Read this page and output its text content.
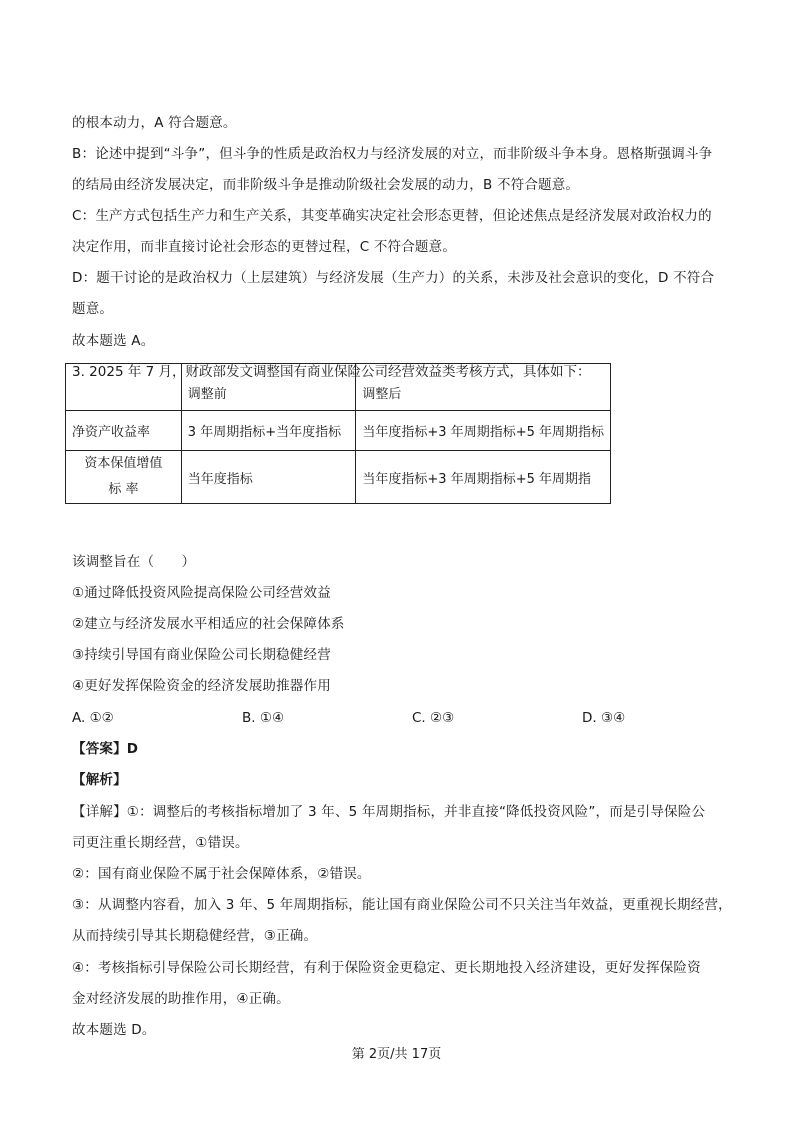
的根本动力，A 符合题意。
B：论述中提到“斗争”，但斗争的性质是政治权力与经济发展的对立，而非阶级斗争本身。恩格斯强调斗争
的结局由经济发展决定，而非阶级斗争是推动阶级社会发展的动力，B 不符合题意。
C：生产方式包括生产力和生产关系，其变革确实决定社会形态更替，但论述焦点是经济发展对政治权力的
决定作用，而非直接讨论社会形态的更替过程，C 不符合题意。
D：题干讨论的是政治权力（上层建筑）与经济发展（生产力）的关系，未涉及社会意识的变化，D 不符合
题意。
故本题选 A。
	调整前	调整后
净资产收益率	3 年周期指标+当年度指标	当年度指标+3 年周期指标+5 年周期指标
资本保值增值
标 率	当年度指标	当年度指标+3 年周期指标+5 年周期指
3. 2025 年 7 月，财政部发文调整国有商业保险公司经营效益类考核方式，具体如下：
该调整旨在（　　）
①通过降低投资风险提高保险公司经营效益
②建立与经济发展水平相适应的社会保障体系
③持续引导国有商业保险公司长期稳健经营
④更好发挥保险资金的经济发展助推器作用
A. ①②	B. ①④	C. ②③	D. ③④
【答案】D
【解析】
【详解】①：调整后的考核指标增加了 3 年、5 年周期指标，并非直接“降低投资风险”，而是引导保险公
司更注重长期经营，①错误。
②：国有商业保险不属于社会保障体系，②错误。
③：从调整内容看，加入 3 年、5 年周期指标，能让国有商业保险公司不只关注当年效益，更重视长期经营，
从而持续引导其长期稳健经营，③正确。
④：考核指标引导保险公司长期经营，有利于保险资金更稳定、更长期地投入经济建设，更好发挥保险资
金对经济发展的助推作用，④正确。
故本题选 D。
第 2页/共 17页
